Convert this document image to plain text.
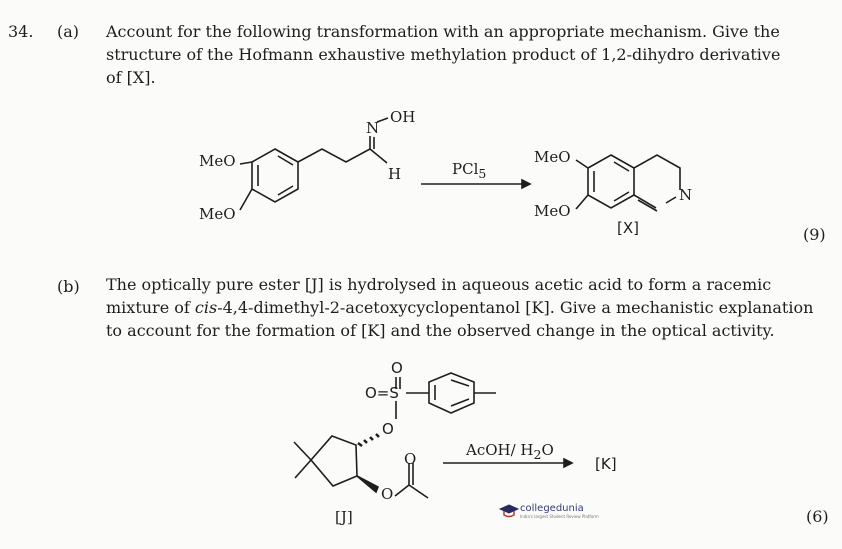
34. (a) Account for the following transformation with an appropriate mechanism. Give the
structure of the Hofmann exhaustive methylation product of 1,2-dihydro derivative
of [X].
MeO
MeO
N
OH
H	PCl$_5$
MeO
MeO
N
[X]	(9)
(b) The optically pure ester [J] is hydrolysed in aqueous acetic acid to form a racemic
mixture of cis-4,4-dimethyl-2-acetoxycyclopentanol [K]. Give a mechanistic explanation
to account for the formation of [K] and the observed change in the optical activity.
O
O=S
O
O
O	AcOH/ $H_2O$
[K]
[J]	(6)
collegedunia
India's largest Student Review Platform
